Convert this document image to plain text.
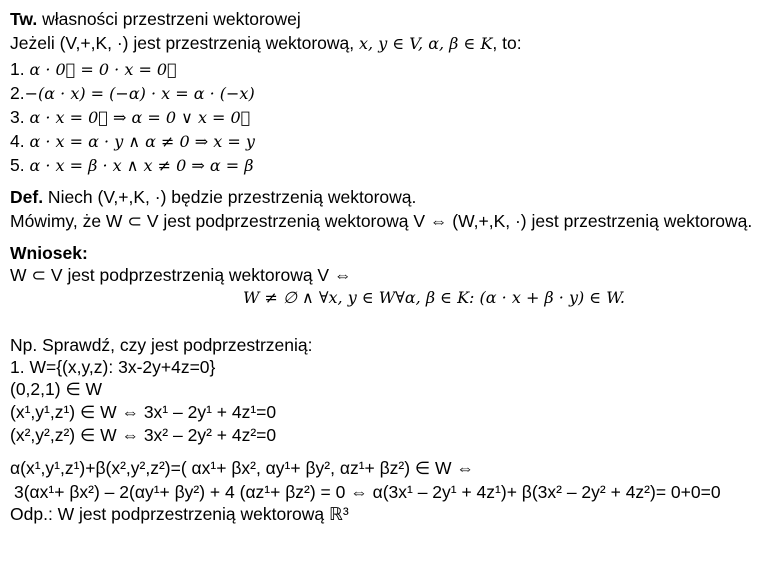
Tw. własności przestrzeni wektorowej
Jeżeli (V,+,K, ·) jest przestrzenią wektorową, x, y ∈ V, α, β ∈ K, to:
1. α · 0⃗ = 0 · x = 0⃗
2.−(α · x) = (−α) · x = α · (−x)
3. α · x = 0⃗ ⇒ α = 0 ∨ x = 0⃗
4. α · x = α · y ∧ α ≠ 0 ⇒ x = y
5. α · x = β · x ∧ x ≠ 0 ⇒ α = β
Def. Niech (V,+,K, ·) będzie przestrzenią wektorową.
Mówimy, że W ⊂ V jest podprzestrzenią wektorową V ⇔ (W,+,K, ·) jest przestrzenią wektorową.
Wniosek:
W ⊂ V jest podprzestrzenią wektorową V ⇔
W ≠ ∅ ∧ ∀x, y ∈ W∀α, β ∈ K: (α · x + β · y) ∈ W.
Np. Sprawdź, czy jest podprzestrzenią:
1. W={(x,y,z): 3x-2y+4z=0}
(0,2,1) ∈ W
(x¹,y¹,z¹) ∈ W ⇔ 3x¹ – 2y¹ + 4z¹=0
(x²,y²,z²) ∈ W ⇔ 3x² – 2y² + 4z²=0
α(x¹,y¹,z¹)+β(x²,y²,z²)=( αx¹+ βx², αy¹+ βy², αz¹+ βz²) ∈ W ⇔
3(αx¹+ βx²) – 2(αy¹+ βy²) + 4 (αz¹+ βz²) = 0 ⇔ α(3x¹ – 2y¹ + 4z¹)+ β(3x² – 2y² + 4z²)= 0+0=0
Odp.: W jest podprzestrzenią wektorową ℝ³
